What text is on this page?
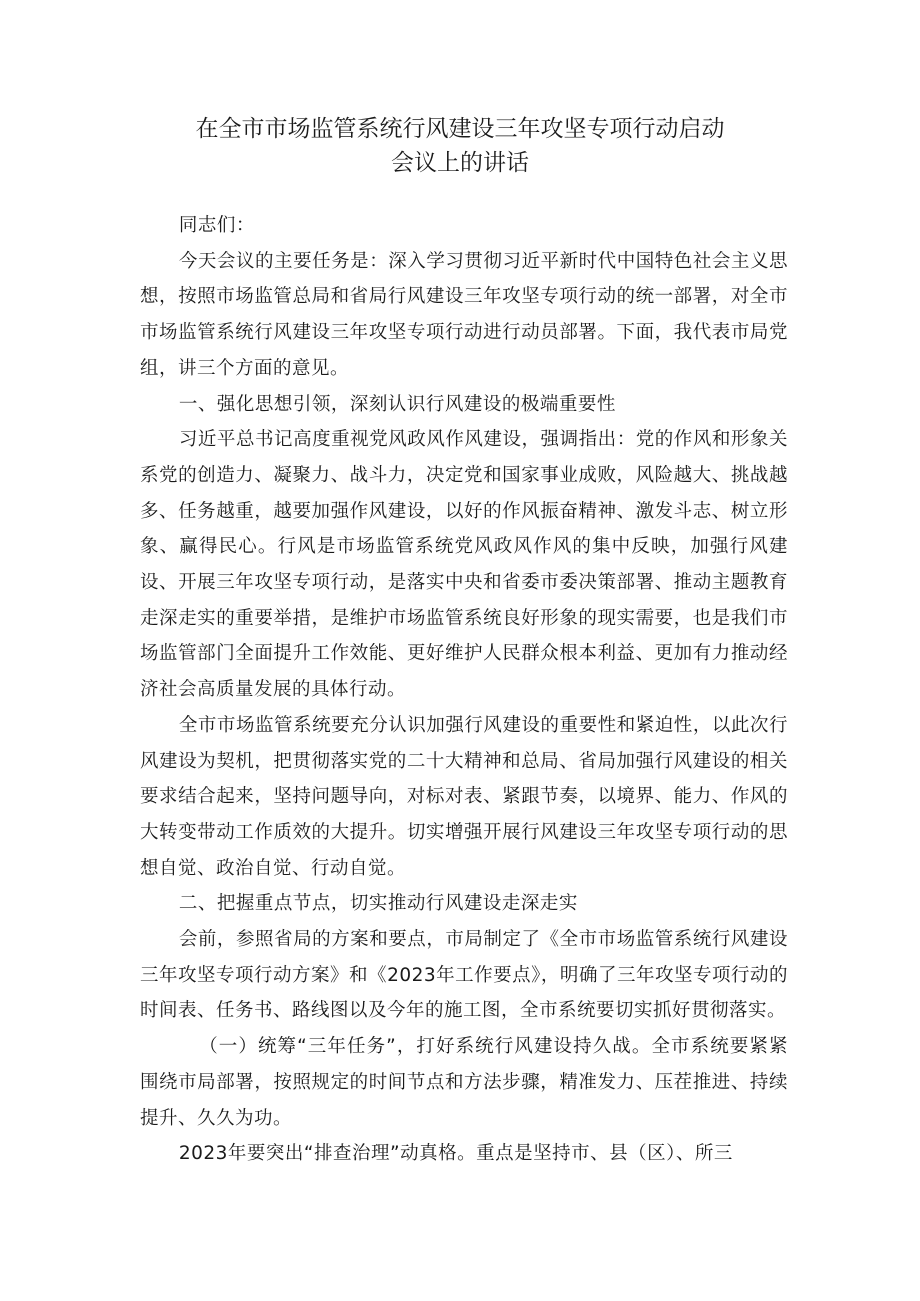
在全市市场监管系统行风建设三年攻坚专项行动启动
会议上的讲话

同志们：

今天会议的主要任务是：深入学习贯彻习近平新时代中国特色社会主义思想，按照市场监管总局和省局行风建设三年攻坚专项行动的统一部署，对全市市场监管系统行风建设三年攻坚专项行动进行动员部署。下面，我代表市局党组，讲三个方面的意见。

一、强化思想引领，深刻认识行风建设的极端重要性

习近平总书记高度重视党风政风作风建设，强调指出：党的作风和形象关系党的创造力、凝聚力、战斗力，决定党和国家事业成败，风险越大、挑战越多、任务越重，越要加强作风建设，以好的作风振奋精神、激发斗志、树立形象、赢得民心。行风是市场监管系统党风政风作风的集中反映，加强行风建设、开展三年攻坚专项行动，是落实中央和省委市委决策部署、推动主题教育走深走实的重要举措，是维护市场监管系统良好形象的现实需要，也是我们市场监管部门全面提升工作效能、更好维护人民群众根本利益、更加有力推动经济社会高质量发展的具体行动。

全市市场监管系统要充分认识加强行风建设的重要性和紧迫性，以此次行风建设为契机，把贯彻落实党的二十大精神和总局、省局加强行风建设的相关要求结合起来，坚持问题导向，对标对表、紧跟节奏，以境界、能力、作风的大转变带动工作质效的大提升。切实增强开展行风建设三年攻坚专项行动的思想自觉、政治自觉、行动自觉。

二、把握重点节点，切实推动行风建设走深走实

会前，参照省局的方案和要点，市局制定了《全市市场监管系统行风建设三年攻坚专项行动方案》和《2023年工作要点》，明确了三年攻坚专项行动的时间表、任务书、路线图以及今年的施工图，全市系统要切实抓好贯彻落实。

（一）统筹“三年任务”，打好系统行风建设持久战。全市系统要紧紧围绕市局部署，按照规定的时间节点和方法步骤，精准发力、压茬推进、持续提升、久久为功。

2023年要突出“排查治理”动真格。重点是坚持市、县（区）、所三
